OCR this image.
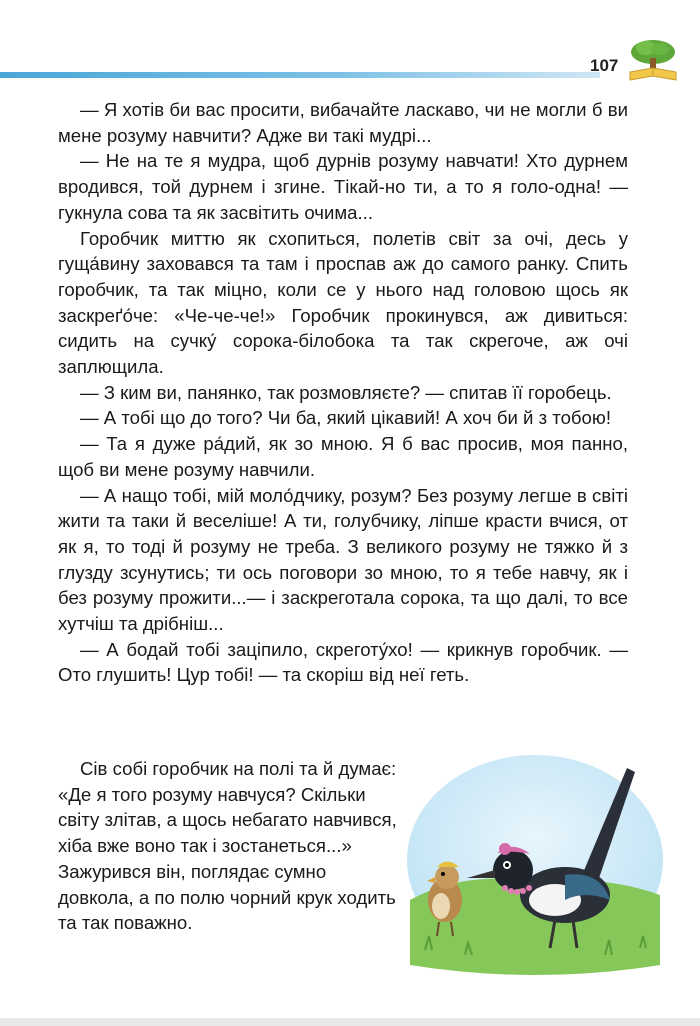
107

— Я хотів би вас просити, вибачайте ласкаво, чи не могли б ви мене розуму навчити? Адже ви такі мудрі...

— Не на те я мудра, щоб дурнів розуму навчати! Хто дурнем вродився, той дурнем і згине. Тікай-но ти, а то я голо-одна! — гукнула сова та як засвітить очима...

Горобчик миттю як схопиться, полетів світ за очі, десь у гуща́вину заховався та там і проспав аж до самого ранку. Спить горобчик, та так міцно, коли се у нього над головою щось як заскреґо́че: «Че-че-че!» Горобчик прокинувся, аж дивиться: сидить на сучку́ сорока-білобока та так скрегоче, аж очі заплющила.

— З ким ви, панянко, так розмовляєте? — спитав її горобець.

— А тобі що до того? Чи ба, який цікавий! А хоч би й з тобою!

— Та я дуже ра́дий, як зо мною. Я б вас просив, моя панно, щоб ви мене розуму навчили.

— А нащо тобі, мій моло́дчику, розум? Без розуму легше в світі жити та таки й веселіше! А ти, голубчику, ліпше красти вчися, от як я, то тоді й розуму не треба. З великого розуму не тяжко й з глузду зсунутись; ти ось поговори зо мною, то я тебе навчу, як і без розуму прожити...— і заскреготала сорока, та що далі, то все хутчіш та дрібніш...

— А бодай тобі заціпило, скреготу́хо! — крикнув горобчик. — Ото глушить! Цур тобі! — та скоріш від неї геть.

Сів собі горобчик на полі та й думає: «Де я того розуму навчуся? Скільки світу злітав, а щось небагато навчився, хіба вже воно так і зостанеться...» Зажурився він, поглядає сумно довкола, а по полю чорний крук ходить та так поважно.
